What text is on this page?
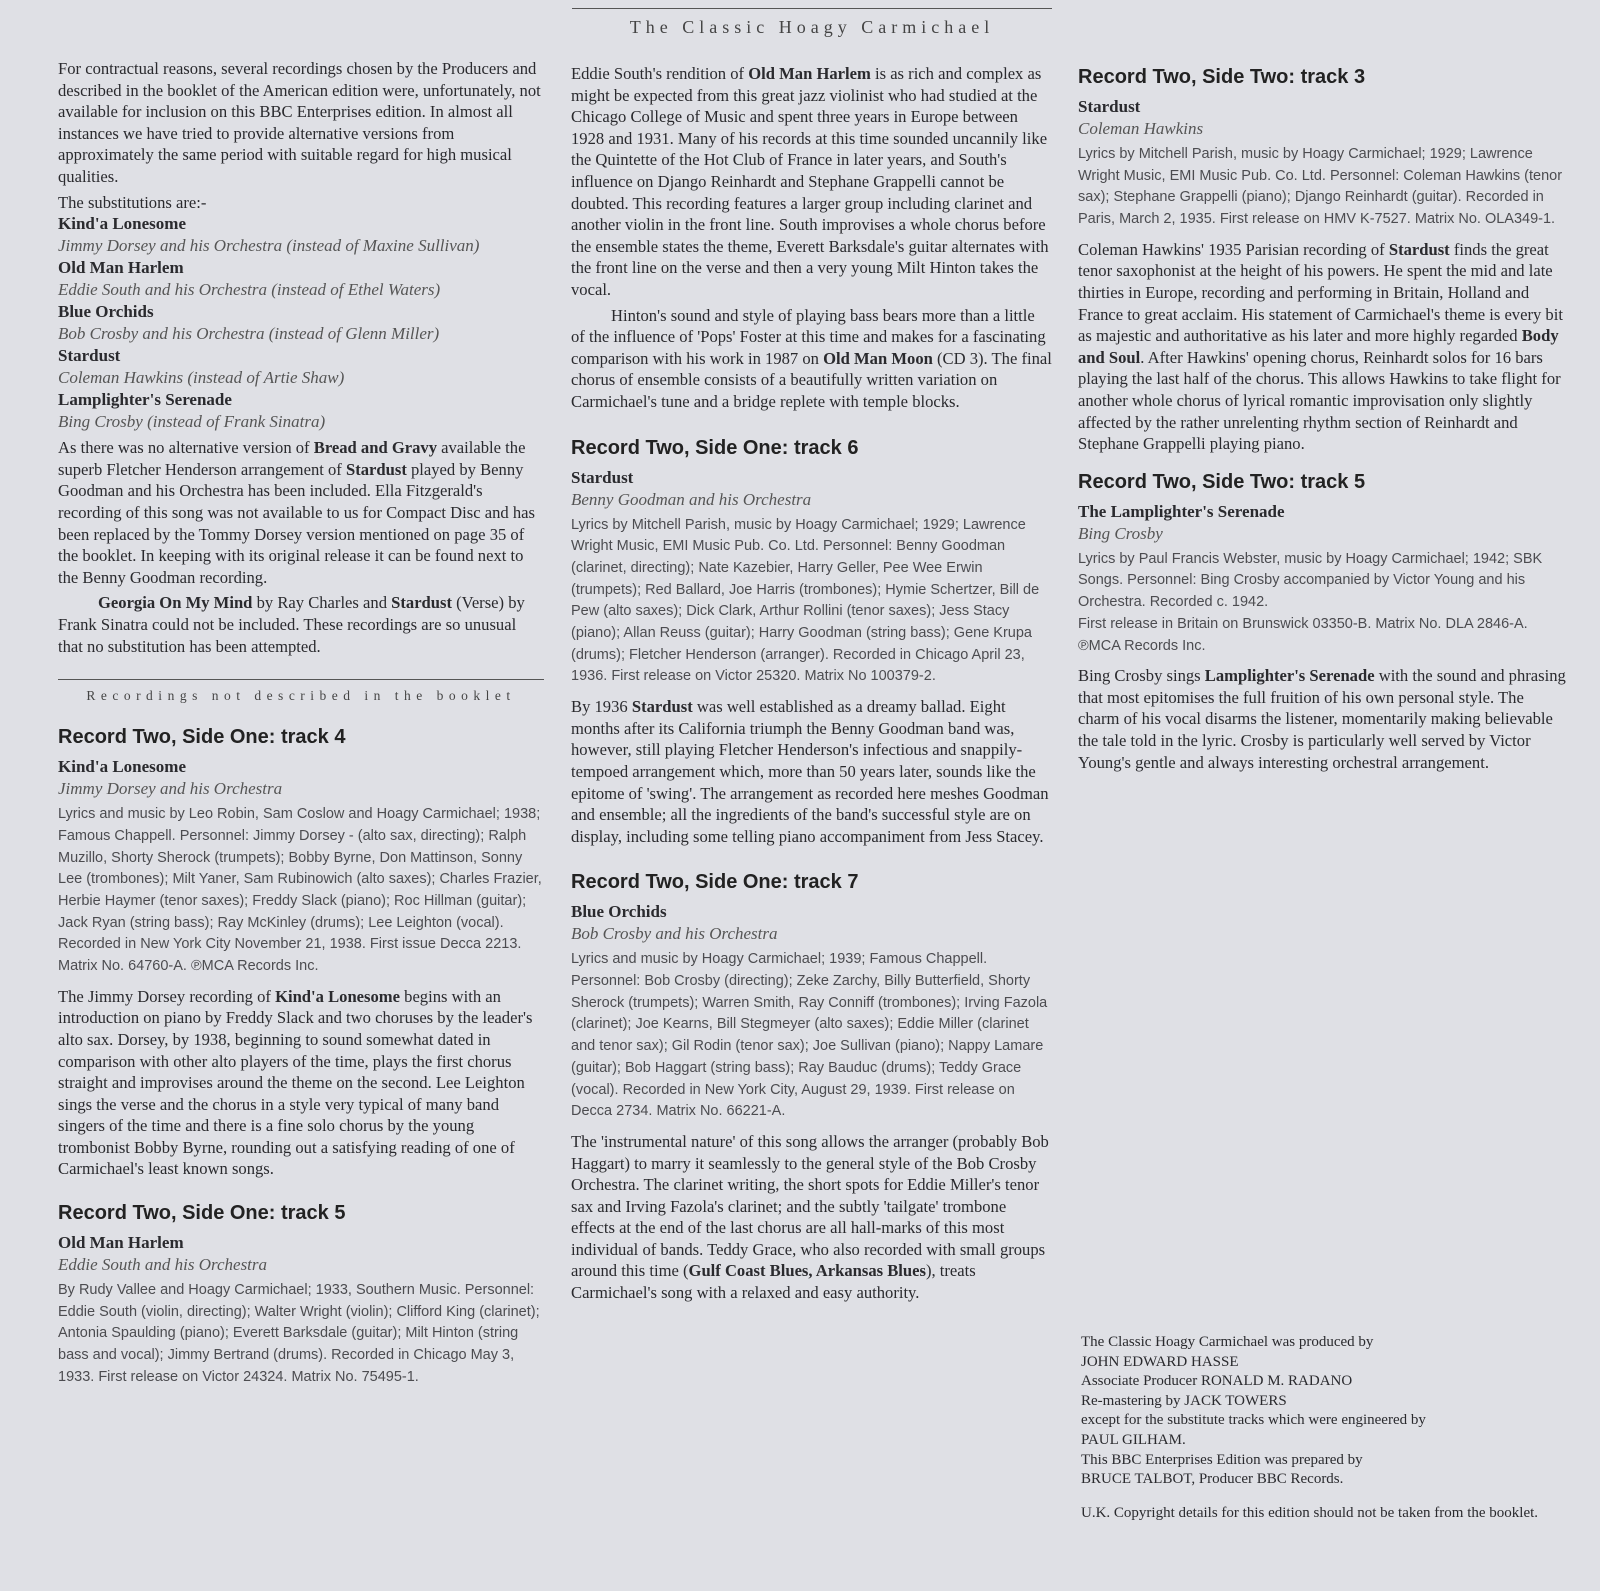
The Classic Hoagy Carmichael

For contractual reasons, several recordings chosen by the Producers and described in the booklet of the American edition were, unfortunately, not available for inclusion on this BBC Enterprises edition. In almost all instances we have tried to provide alternative versions from approximately the same period with suitable regard for high musical qualities.

The substitutions are:-

Kind'a Lonesome

Jimmy Dorsey and his Orchestra (instead of Maxine Sullivan)

Old Man Harlem

Eddie South and his Orchestra (instead of Ethel Waters)

Blue Orchids

Bob Crosby and his Orchestra (instead of Glenn Miller)

Stardust

Coleman Hawkins (instead of Artie Shaw)

Lamplighter's Serenade

Bing Crosby (instead of Frank Sinatra)

As there was no alternative version of Bread and Gravy available the superb Fletcher Henderson arrangement of Stardust played by Benny Goodman and his Orchestra has been included. Ella Fitzgerald's recording of this song was not available to us for Compact Disc and has been replaced by the Tommy Dorsey version mentioned on page 35 of the booklet. In keeping with its original release it can be found next to the Benny Goodman recording.

Georgia On My Mind by Ray Charles and Stardust (Verse) by Frank Sinatra could not be included. These recordings are so unusual that no substitution has been attempted.

Recordings not described in the booklet

Record Two, Side One: track 4

Kind'a Lonesome

Jimmy Dorsey and his Orchestra

Lyrics and music by Leo Robin, Sam Coslow and Hoagy Carmichael; 1938; Famous Chappell. Personnel: Jimmy Dorsey - (alto sax, directing); Ralph Muzillo, Shorty Sherock (trumpets); Bobby Byrne, Don Mattinson, Sonny Lee (trombones); Milt Yaner, Sam Rubinowich (alto saxes); Charles Frazier, Herbie Haymer (tenor saxes); Freddy Slack (piano); Roc Hillman (guitar); Jack Ryan (string bass); Ray McKinley (drums); Lee Leighton (vocal). Recorded in New York City November 21, 1938. First issue Decca 2213. Matrix No. 64760-A. ℗MCA Records Inc.

The Jimmy Dorsey recording of Kind'a Lonesome begins with an introduction on piano by Freddy Slack and two choruses by the leader's alto sax. Dorsey, by 1938, beginning to sound somewhat dated in comparison with other alto players of the time, plays the first chorus straight and improvises around the theme on the second. Lee Leighton sings the verse and the chorus in a style very typical of many band singers of the time and there is a fine solo chorus by the young trombonist Bobby Byrne, rounding out a satisfying reading of one of Carmichael's least known songs.

Record Two, Side One: track 5

Old Man Harlem

Eddie South and his Orchestra

By Rudy Vallee and Hoagy Carmichael; 1933, Southern Music. Personnel: Eddie South (violin, directing); Walter Wright (violin); Clifford King (clarinet); Antonia Spaulding (piano); Everett Barksdale (guitar); Milt Hinton (string bass and vocal); Jimmy Bertrand (drums). Recorded in Chicago May 3, 1933. First release on Victor 24324. Matrix No. 75495-1.

Eddie South's rendition of Old Man Harlem is as rich and complex as might be expected from this great jazz violinist who had studied at the Chicago College of Music and spent three years in Europe between 1928 and 1931. Many of his records at this time sounded uncannily like the Quintette of the Hot Club of France in later years, and South's influence on Django Reinhardt and Stephane Grappelli cannot be doubted. This recording features a larger group including clarinet and another violin in the front line. South improvises a whole chorus before the ensemble states the theme, Everett Barksdale's guitar alternates with the front line on the verse and then a very young Milt Hinton takes the vocal.

Hinton's sound and style of playing bass bears more than a little of the influence of 'Pops' Foster at this time and makes for a fascinating comparison with his work in 1987 on Old Man Moon (CD 3). The final chorus of ensemble consists of a beautifully written variation on Carmichael's tune and a bridge replete with temple blocks.

Record Two, Side One: track 6

Stardust

Benny Goodman and his Orchestra

Lyrics by Mitchell Parish, music by Hoagy Carmichael; 1929; Lawrence Wright Music, EMI Music Pub. Co. Ltd. Personnel: Benny Goodman (clarinet, directing); Nate Kazebier, Harry Geller, Pee Wee Erwin (trumpets); Red Ballard, Joe Harris (trombones); Hymie Schertzer, Bill de Pew (alto saxes); Dick Clark, Arthur Rollini (tenor saxes); Jess Stacy (piano); Allan Reuss (guitar); Harry Goodman (string bass); Gene Krupa (drums); Fletcher Henderson (arranger). Recorded in Chicago April 23, 1936. First release on Victor 25320. Matrix No 100379-2.

By 1936 Stardust was well established as a dreamy ballad. Eight months after its California triumph the Benny Goodman band was, however, still playing Fletcher Henderson's infectious and snappily-tempoed arrangement which, more than 50 years later, sounds like the epitome of 'swing'. The arrangement as recorded here meshes Goodman and ensemble; all the ingredients of the band's successful style are on display, including some telling piano accompaniment from Jess Stacey.

Record Two, Side One: track 7

Blue Orchids

Bob Crosby and his Orchestra

Lyrics and music by Hoagy Carmichael; 1939; Famous Chappell. Personnel: Bob Crosby (directing); Zeke Zarchy, Billy Butterfield, Shorty Sherock (trumpets); Warren Smith, Ray Conniff (trombones); Irving Fazola (clarinet); Joe Kearns, Bill Stegmeyer (alto saxes); Eddie Miller (clarinet and tenor sax); Gil Rodin (tenor sax); Joe Sullivan (piano); Nappy Lamare (guitar); Bob Haggart (string bass); Ray Bauduc (drums); Teddy Grace (vocal). Recorded in New York City, August 29, 1939. First release on Decca 2734. Matrix No. 66221-A.

The 'instrumental nature' of this song allows the arranger (probably Bob Haggart) to marry it seamlessly to the general style of the Bob Crosby Orchestra. The clarinet writing, the short spots for Eddie Miller's tenor sax and Irving Fazola's clarinet; and the subtly 'tailgate' trombone effects at the end of the last chorus are all hall-marks of this most individual of bands. Teddy Grace, who also recorded with small groups around this time (Gulf Coast Blues, Arkansas Blues), treats Carmichael's song with a relaxed and easy authority.

Record Two, Side Two: track 3

Stardust

Coleman Hawkins

Lyrics by Mitchell Parish, music by Hoagy Carmichael; 1929; Lawrence Wright Music, EMI Music Pub. Co. Ltd. Personnel: Coleman Hawkins (tenor sax); Stephane Grappelli (piano); Django Reinhardt (guitar). Recorded in Paris, March 2, 1935. First release on HMV K-7527. Matrix No. OLA349-1.

Coleman Hawkins' 1935 Parisian recording of Stardust finds the great tenor saxophonist at the height of his powers. He spent the mid and late thirties in Europe, recording and performing in Britain, Holland and France to great acclaim. His statement of Carmichael's theme is every bit as majestic and authoritative as his later and more highly regarded Body and Soul. After Hawkins' opening chorus, Reinhardt solos for 16 bars playing the last half of the chorus. This allows Hawkins to take flight for another whole chorus of lyrical romantic improvisation only slightly affected by the rather unrelenting rhythm section of Reinhardt and Stephane Grappelli playing piano.

Record Two, Side Two: track 5

The Lamplighter's Serenade

Bing Crosby

Lyrics by Paul Francis Webster, music by Hoagy Carmichael; 1942; SBK Songs. Personnel: Bing Crosby accompanied by Victor Young and his Orchestra. Recorded c. 1942.

First release in Britain on Brunswick 03350-B. Matrix No. DLA 2846-A. ℗MCA Records Inc.

Bing Crosby sings Lamplighter's Serenade with the sound and phrasing that most epitomises the full fruition of his own personal style. The charm of his vocal disarms the listener, momentarily making believable the tale told in the lyric. Crosby is particularly well served by Victor Young's gentle and always interesting orchestral arrangement.

The Classic Hoagy Carmichael was produced by

JOHN EDWARD HASSE

Associate Producer RONALD M. RADANO

Re-mastering by JACK TOWERS

except for the substitute tracks which were engineered by

PAUL GILHAM.

This BBC Enterprises Edition was prepared by

BRUCE TALBOT, Producer BBC Records.

U.K. Copyright details for this edition should not be taken from the booklet.
